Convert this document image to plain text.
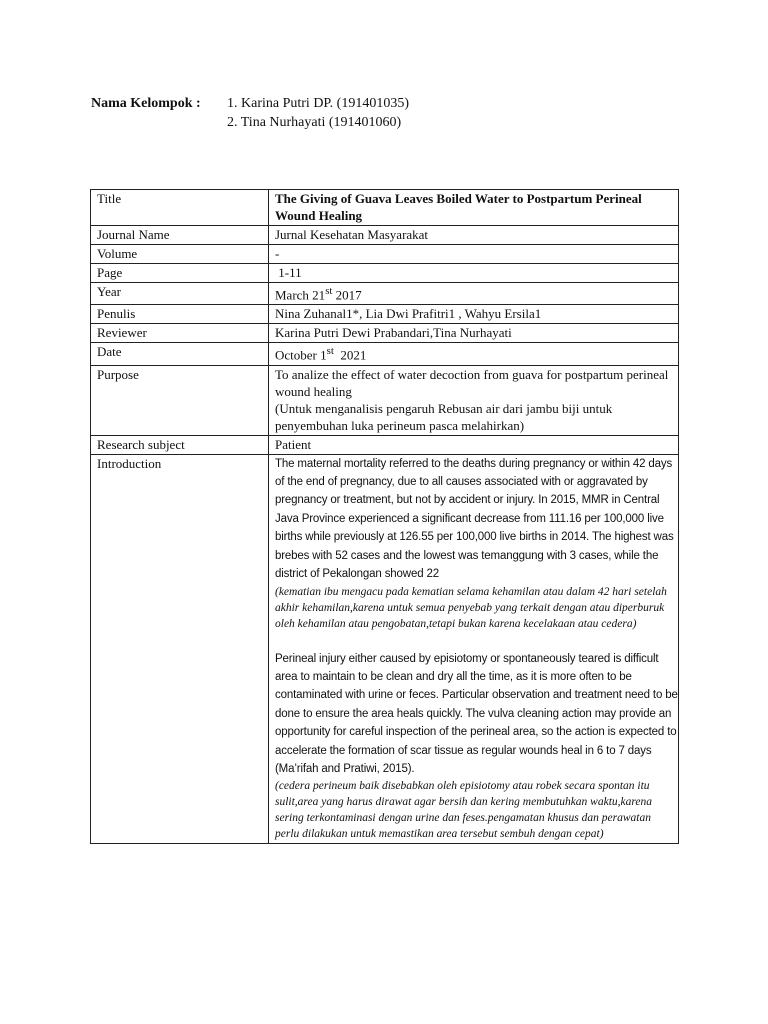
Nama Kelompok : 1. Karina Putri DP. (191401035)
2. Tina Nurhayati (191401060)
Title	The Giving of Guava Leaves Boiled Water to Postpartum Perineal Wound Healing
Journal Name	Jurnal Kesehatan Masyarakat
Volume	-
Page	1-11
Year	March 21st 2017
Penulis	Nina Zuhanal1*, Lia Dwi Prafitri1 , Wahyu Ersila1
Reviewer	Karina Putri Dewi Prabandari,Tina Nurhayati
Date	October 1st  2021
Purpose	To analize the effect of water decoction from guava for postpartum perineal wound healing
(Untuk menganalisis pengaruh Rebusan air dari jambu biji untuk penyembuhan luka perineum pasca melahirkan)

Research subject	Patient
Introduction	The maternal mortality referred to the deaths during pregnancy or within 42 days of the end of pregnancy, due to all causes associated with or aggravated by pregnancy or treatment, but not by accident or injury. In 2015, MMR in Central Java Province experienced a significant decrease from 111.16 per 100,000 live births while previously at 126.55 per 100,000 live births in 2014. The highest was brebes with 52 cases and the lowest was temanggung with 3 cases, while the district of Pekalongan showed 22
(kematian ibu mengacu pada kematian selama kehamilan atau dalam 42 hari setelah akhir kehamilan,karena untuk semua penyebab yang terkait dengan atau diperburuk oleh kehamilan atau pengobatan,tetapi bukan karena kecelakaan atau cedera)
Perineal injury either caused by episiotomy or spontaneously teared is difficult area to maintain to be clean and dry all the time, as it is more often to be contaminated with urine or feces. Particular observation and treatment need to be done to ensure the area heals quickly. The vulva cleaning action may provide an opportunity for careful inspection of the perineal area, so the action is expected to accelerate the formation of scar tissue as regular wounds heal in 6 to 7 days (Ma’rifah and Pratiwi, 2015).
(cedera perineum baik disebabkan oleh episiotomy atau robek secara spontan itu sulit,area yang harus dirawat agar bersih dan kering membutuhkan waktu,karena sering terkontaminasi dengan urine dan feses.pengamatan khusus dan perawatan perlu dilakukan untuk memastikan area tersebut sembuh dengan cepat)
